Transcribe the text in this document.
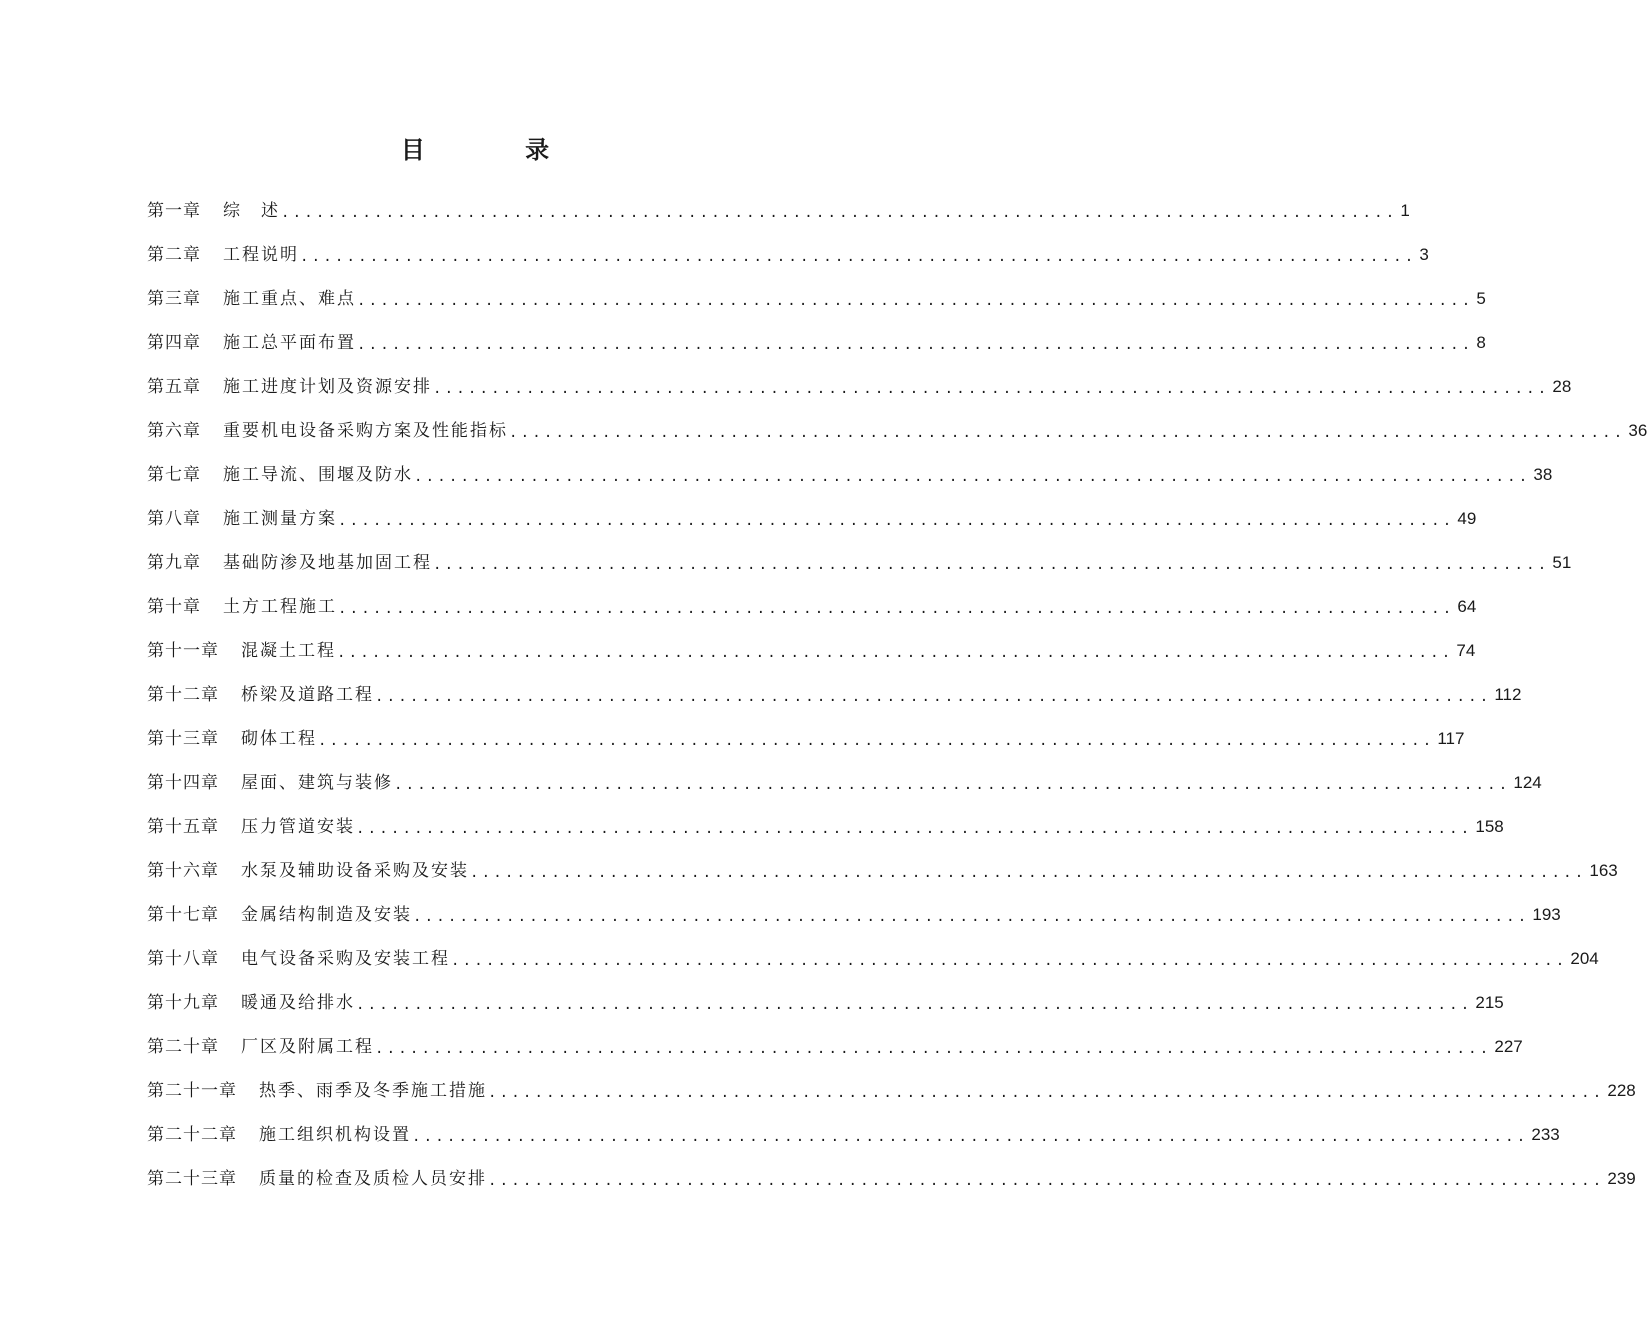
目 录
第一章 综　述 ................................................................................................ 1
第二章 工程说明 ................................................................................................ 3
第三章 施工重点、难点 ................................................................................................ 5
第四章 施工总平面布置 ................................................................................................ 8
第五章 施工进度计划及资源安排 ................................................................................................ 28
第六章 重要机电设备采购方案及性能指标 ................................................................................................ 36
第七章 施工导流、围堰及防水 ................................................................................................ 38
第八章 施工测量方案 ................................................................................................ 49
第九章 基础防渗及地基加固工程 ................................................................................................ 51
第十章 土方工程施工 ................................................................................................ 64
第十一章 混凝土工程 ................................................................................................ 74
第十二章 桥梁及道路工程 ................................................................................................ 112
第十三章 砌体工程 ................................................................................................ 117
第十四章 屋面、建筑与装修 ................................................................................................ 124
第十五章 压力管道安装 ................................................................................................ 158
第十六章 水泵及辅助设备采购及安装 ................................................................................................ 163
第十七章 金属结构制造及安装 ................................................................................................ 193
第十八章 电气设备采购及安装工程 ................................................................................................ 204
第十九章 暖通及给排水 ................................................................................................ 215
第二十章 厂区及附属工程 ................................................................................................ 227
第二十一章 热季、雨季及冬季施工措施 ................................................................................................ 228
第二十二章 施工组织机构设置 ................................................................................................ 233
第二十三章 质量的检查及质检人员安排 ................................................................................................ 239
